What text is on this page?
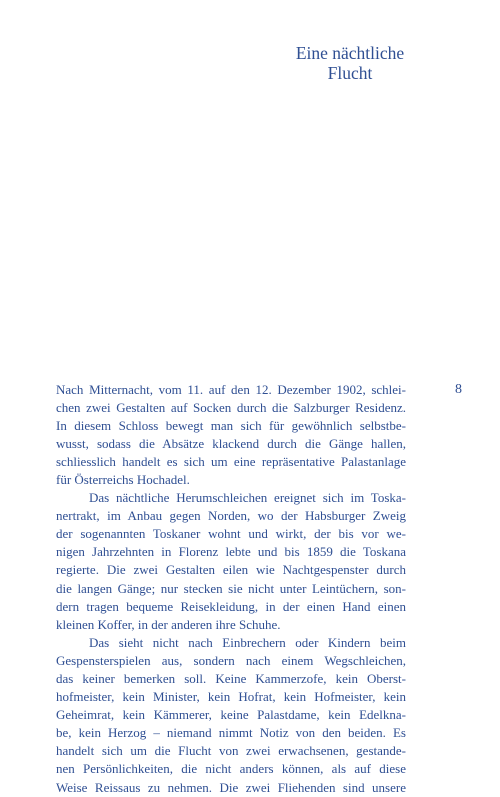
Eine nächtliche
Flucht
8
Nach Mitternacht, vom 11. auf den 12. Dezember 1902, schlei-
chen zwei Gestalten auf Socken durch die Salzburger Residenz.
In diesem Schloss bewegt man sich für gewöhnlich selbstbe-
wusst, sodass die Absätze klackend durch die Gänge hallen,
schliesslich handelt es sich um eine repräsentative Palastanlage
für Österreichs Hochadel.
Das nächtliche Herumschleichen ereignet sich im Toska-
nertrakt, im Anbau gegen Norden, wo der Habsburger Zweig
der sogenannten Toskaner wohnt und wirkt, der bis vor we-
nigen Jahrzehnten in Florenz lebte und bis 1859 die Toskana
regierte. Die zwei Gestalten eilen wie Nachtgespenster durch
die langen Gänge; nur stecken sie nicht unter Leintüchern, son-
dern tragen bequeme Reisekleidung, in der einen Hand einen
kleinen Koffer, in der anderen ihre Schuhe.
Das sieht nicht nach Einbrechern oder Kindern beim
Gespensterspielen aus, sondern nach einem Wegschleichen,
das keiner bemerken soll. Keine Kammerzofe, kein Oberst-
hofmeister, kein Minister, kein Hofrat, kein Hofmeister, kein
Geheimrat, kein Kämmerer, keine Palastdame, kein Edelkna-
be, kein Herzog – niemand nimmt Notiz von den beiden. Es
handelt sich um die Flucht von zwei erwachsenen, gestande-
nen Persönlichkeiten, die nicht anders können, als auf diese
Weise Reissaus zu nehmen. Die zwei Fliehenden sind unsere
